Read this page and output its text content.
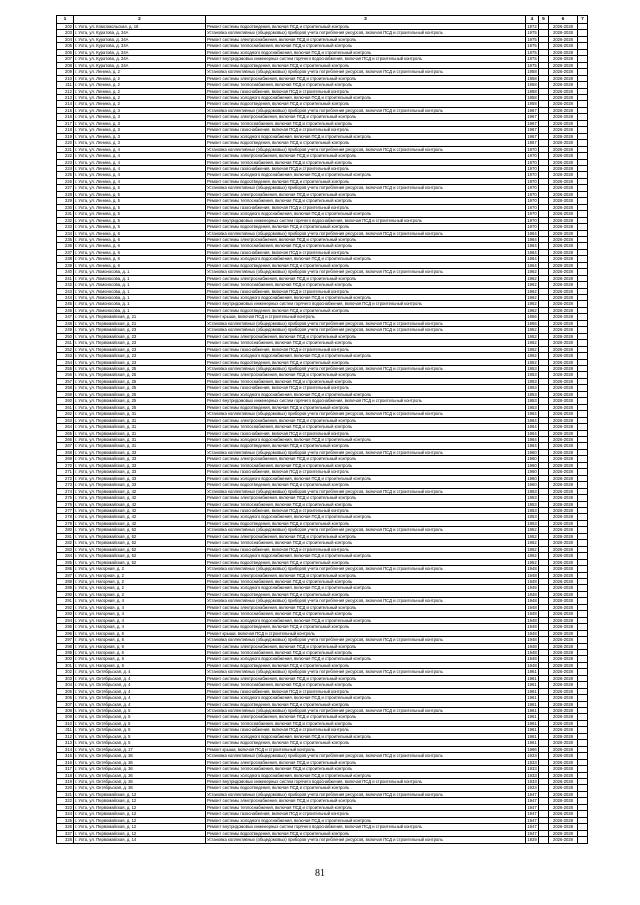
1	2	3	4	5	6	7
202	г. Ухта, ул. Комсомольская, д. 16	Ремонт системы водоотведения, включая ПСД и строительный контроль	1972		2026-2028	
203	г. Ухта, ул. Куратова, д. 34А	Установка коллективных (общедомовых) приборов учета потребления ресурсов, включая ПСД и строительный контроль	1975		2026-2028	
204	г. Ухта, ул. Куратова, д. 34А	Ремонт системы электроснабжения, включая ПСД и строительный контроль	1975		2026-2028	
205	г. Ухта, ул. Куратова, д. 34А	Ремонт системы теплоснабжения, включая ПСД и строительный контроль	1975		2026-2028	
206	г. Ухта, ул. Куратова, д. 34А	Ремонт системы холодного водоснабжения, включая ПСД и строительный контроль	1975		2026-2028	
207	г. Ухта, ул. Куратова, д. 34А	Ремонт внутридомовых инженерных систем горячего водоснабжения, включая ПСД и строительный контроль	1975		2026-2028	
208	г. Ухта, ул. Куратова, д. 34А	Ремонт системы водоотведения, включая ПСД и строительный контроль	1975		2026-2028	
209	г. Ухта, ул. Ленина, д. 2	Установка коллективных (общедомовых) приборов учета потребления ресурсов, включая ПСД и строительный контроль	1958		2026-2028	
210	г. Ухта, ул. Ленина, д. 2	Ремонт системы электроснабжения, включая ПСД и строительный контроль	1958		2026-2028	
211	г. Ухта, ул. Ленина, д. 2	Ремонт системы теплоснабжения, включая ПСД и строительный контроль	1958		2026-2028	
212	г. Ухта, ул. Ленина, д. 2	Ремонт системы газоснабжения, включая ПСД и строительный контроль	1958		2026-2028	
213	г. Ухта, ул. Ленина, д. 2	Ремонт системы холодного водоснабжения, включая ПСД и строительный контроль	1958		2026-2028	
214	г. Ухта, ул. Ленина, д. 2	Ремонт системы водоотведения, включая ПСД и строительный контроль	1958		2026-2028	
215	г. Ухта, ул. Ленина, д. 3	Установка коллективных (общедомовых) приборов учета потребления ресурсов, включая ПСД и строительный контроль	1967		2026-2028	
216	г. Ухта, ул. Ленина, д. 3	Ремонт системы электроснабжения, включая ПСД и строительный контроль	1967		2026-2028	
217	г. Ухта, ул. Ленина, д. 3	Ремонт системы теплоснабжения, включая ПСД и строительный контроль	1967		2026-2028	
218	г. Ухта, ул. Ленина, д. 3	Ремонт системы газоснабжения, включая ПСД и строительный контроль	1967		2026-2028	
219	г. Ухта, ул. Ленина, д. 3	Ремонт системы холодного водоснабжения, включая ПСД и строительный контроль	1967		2026-2028	
220	г. Ухта, ул. Ленина, д. 3	Ремонт системы водоотведения, включая ПСД и строительный контроль	1967		2026-2028	
221	г. Ухта, ул. Ленина, д. 4	Установка коллективных (общедомовых) приборов учета потребления ресурсов, включая ПСД и строительный контроль	1970		2026-2028	
222	г. Ухта, ул. Ленина, д. 4	Ремонт системы электроснабжения, включая ПСД и строительный контроль	1970		2026-2028	
223	г. Ухта, ул. Ленина, д. 4	Ремонт системы теплоснабжения, включая ПСД и строительный контроль	1970		2026-2028	
224	г. Ухта, ул. Ленина, д. 4	Ремонт системы газоснабжения, включая ПСД и строительный контроль	1970		2026-2028	
225	г. Ухта, ул. Ленина, д. 4	Ремонт системы холодного водоснабжения, включая ПСД и строительный контроль	1970		2026-2028	
226	г. Ухта, ул. Ленина, д. 4	Ремонт системы водоотведения, включая ПСД и строительный контроль	1970		2026-2028	
227	г. Ухта, ул. Ленина, д. 5	Установка коллективных (общедомовых) приборов учета потребления ресурсов, включая ПСД и строительный контроль	1970		2026-2028	
228	г. Ухта, ул. Ленина, д. 5	Ремонт системы электроснабжения, включая ПСД и строительный контроль	1970		2026-2028	
229	г. Ухта, ул. Ленина, д. 5	Ремонт системы теплоснабжения, включая ПСД и строительный контроль	1970		2026-2028	
230	г. Ухта, ул. Ленина, д. 5	Ремонт системы газоснабжения, включая ПСД и строительный контроль	1970		2026-2028	
231	г. Ухта, ул. Ленина, д. 5	Ремонт системы холодного водоснабжения, включая ПСД и строительный контроль	1970		2026-2028	
232	г. Ухта, ул. Ленина, д. 5	Ремонт внутридомовых инженерных систем горячего водоснабжения, включая ПСД и строительный контроль	1970		2026-2028	
233	г. Ухта, ул. Ленина, д. 5	Ремонт системы водоотведения, включая ПСД и строительный контроль	1970		2026-2028	
234	г. Ухта, ул. Ленина, д. 6	Установка коллективных (общедомовых) приборов учета потребления ресурсов, включая ПСД и строительный контроль	1964		2026-2028	
235	г. Ухта, ул. Ленина, д. 6	Ремонт системы электроснабжения, включая ПСД и строительный контроль	1964		2026-2028	
236	г. Ухта, ул. Ленина, д. 6	Ремонт системы теплоснабжения, включая ПСД и строительный контроль	1964		2026-2028	
237	г. Ухта, ул. Ленина, д. 6	Ремонт системы газоснабжения, включая ПСД и строительный контроль	1964		2026-2028	
238	г. Ухта, ул. Ленина, д. 6	Ремонт системы холодного водоснабжения, включая ПСД и строительный контроль	1964		2026-2028	
239	г. Ухта, ул. Ленина, д. 6	Ремонт системы водоотведения, включая ПСД и строительный контроль	1964		2026-2028	
240	г. Ухта, ул. Ломоносова, д. 1	Установка коллективных (общедомовых) приборов учета потребления ресурсов, включая ПСД и строительный контроль	1962		2026-2028	
241	г. Ухта, ул. Ломоносова, д. 1	Ремонт системы электроснабжения, включая ПСД и строительный контроль	1962		2026-2028	
242	г. Ухта, ул. Ломоносова, д. 1	Ремонт системы теплоснабжения, включая ПСД и строительный контроль	1962		2026-2028	
243	г. Ухта, ул. Ломоносова, д. 1	Ремонт системы газоснабжения, включая ПСД и строительный контроль	1962		2026-2028	
244	г. Ухта, ул. Ломоносова, д. 1	Ремонт системы холодного водоснабжения, включая ПСД и строительный контроль	1962		2026-2028	
245	г. Ухта, ул. Ломоносова, д. 1	Ремонт внутридомовых инженерных систем горячего водоснабжения, включая ПСД и строительный контроль	1962		2026-2028	
246	г. Ухта, ул. Ломоносова, д. 1	Ремонт системы водоотведения, включая ПСД и строительный контроль	1962		2026-2028	
247	г. Ухта, ул. Первомайская, д. 21	Ремонт крыши, включая ПСД и строительный контроль	1956		2026-2028	
248	г. Ухта, ул. Первомайская, д. 21	Установка коллективных (общедомовых) приборов учета потребления ресурсов, включая ПСД и строительный контроль	1956		2026-2028	
249	г. Ухта, ул. Первомайская, д. 23	Установка коллективных (общедомовых) приборов учета потребления ресурсов, включая ПСД и строительный контроль	1952		2026-2028	
250	г. Ухта, ул. Первомайская, д. 23	Ремонт системы электроснабжения, включая ПСД и строительный контроль	1952		2026-2028	
251	г. Ухта, ул. Первомайская, д. 23	Ремонт системы теплоснабжения, включая ПСД и строительный контроль	1952		2026-2028	
252	г. Ухта, ул. Первомайская, д. 23	Ремонт системы газоснабжения, включая ПСД и строительный контроль	1952		2026-2028	
253	г. Ухта, ул. Первомайская, д. 23	Ремонт системы холодного водоснабжения, включая ПСД и строительный контроль	1952		2026-2028	
254	г. Ухта, ул. Первомайская, д. 23	Ремонт системы водоотведения, включая ПСД и строительный контроль	1952		2026-2028	
255	г. Ухта, ул. Первомайская, д. 25	Установка коллективных (общедомовых) приборов учета потребления ресурсов, включая ПСД и строительный контроль	1953		2026-2028	
256	г. Ухта, ул. Первомайская, д. 25	Ремонт системы электроснабжения, включая ПСД и строительный контроль	1953		2026-2028	
257	г. Ухта, ул. Первомайская, д. 25	Ремонт системы теплоснабжения, включая ПСД и строительный контроль	1953		2026-2028	
258	г. Ухта, ул. Первомайская, д. 25	Ремонт системы газоснабжения, включая ПСД и строительный контроль	1953		2026-2028	
259	г. Ухта, ул. Первомайская, д. 25	Ремонт системы холодного водоснабжения, включая ПСД и строительный контроль	1953		2026-2028	
260	г. Ухта, ул. Первомайская, д. 25	Ремонт внутридомовых инженерных систем горячего водоснабжения, включая ПСД и строительный контроль	1953		2026-2028	
261	г. Ухта, ул. Первомайская, д. 25	Ремонт системы водоотведения, включая ПСД и строительный контроль	1953		2026-2028	
262	г. Ухта, ул. Первомайская, д. 31	Установка коллективных (общедомовых) приборов учета потребления ресурсов, включая ПСД и строительный контроль	1964		2026-2028	
263	г. Ухта, ул. Первомайская, д. 31	Ремонт системы электроснабжения, включая ПСД и строительный контроль	1964		2026-2028	
264	г. Ухта, ул. Первомайская, д. 31	Ремонт системы теплоснабжения, включая ПСД и строительный контроль	1964		2026-2028	
265	г. Ухта, ул. Первомайская, д. 31	Ремонт системы газоснабжения, включая ПСД и строительный контроль	1964		2026-2028	
266	г. Ухта, ул. Первомайская, д. 31	Ремонт системы холодного водоснабжения, включая ПСД и строительный контроль	1964		2026-2028	
267	г. Ухта, ул. Первомайская, д. 31	Ремонт системы водоотведения, включая ПСД и строительный контроль	1964		2026-2028	
268	г. Ухта, ул. Первомайская, д. 33	Установка коллективных (общедомовых) приборов учета потребления ресурсов, включая ПСД и строительный контроль	1960		2026-2028	
269	г. Ухта, ул. Первомайская, д. 33	Ремонт системы электроснабжения, включая ПСД и строительный контроль	1960		2026-2028	
270	г. Ухта, ул. Первомайская, д. 33	Ремонт системы теплоснабжения, включая ПСД и строительный контроль	1960		2026-2028	
271	г. Ухта, ул. Первомайская, д. 33	Ремонт системы газоснабжения, включая ПСД и строительный контроль	1960		2026-2028	
272	г. Ухта, ул. Первомайская, д. 33	Ремонт системы холодного водоснабжения, включая ПСД и строительный контроль	1960		2026-2028	
273	г. Ухта, ул. Первомайская, д. 33	Ремонт системы водоотведения, включая ПСД и строительный контроль	1960		2026-2028	
274	г. Ухта, ул. Первомайская, д. 42	Установка коллективных (общедомовых) приборов учета потребления ресурсов, включая ПСД и строительный контроль	1953		2026-2028	
275	г. Ухта, ул. Первомайская, д. 42	Ремонт системы электроснабжения, включая ПСД и строительный контроль	1953		2026-2028	
276	г. Ухта, ул. Первомайская, д. 42	Ремонт системы теплоснабжения, включая ПСД и строительный контроль	1953		2026-2028	
277	г. Ухта, ул. Первомайская, д. 42	Ремонт системы газоснабжения, включая ПСД и строительный контроль	1953		2026-2028	
278	г. Ухта, ул. Первомайская, д. 42	Ремонт системы холодного водоснабжения, включая ПСД и строительный контроль	1953		2026-2028	
279	г. Ухта, ул. Первомайская, д. 42	Ремонт системы водоотведения, включая ПСД и строительный контроль	1953		2026-2028	
280	г. Ухта, ул. Первомайская, д. 52	Установка коллективных (общедомовых) приборов учета потребления ресурсов, включая ПСД и строительный контроль	1952		2026-2028	
281	г. Ухта, ул. Первомайская, д. 52	Ремонт системы электроснабжения, включая ПСД и строительный контроль	1952		2026-2028	
282	г. Ухта, ул. Первомайская, д. 52	Ремонт системы теплоснабжения, включая ПСД и строительный контроль	1952		2026-2028	
283	г. Ухта, ул. Первомайская, д. 52	Ремонт системы газоснабжения, включая ПСД и строительный контроль	1952		2026-2028	
284	г. Ухта, ул. Первомайская, д. 52	Ремонт системы холодного водоснабжения, включая ПСД и строительный контроль	1952		2026-2028	
285	г. Ухта, ул. Первомайская, д. 52	Ремонт системы водоотведения, включая ПСД и строительный контроль	1952		2026-2028	
286	г. Ухта, ул. Нагорная, д. 2	Установка коллективных (общедомовых) приборов учета потребления ресурсов, включая ПСД и строительный контроль	1948		2026-2028	
287	г. Ухта, ул. Нагорная, д. 2	Ремонт системы электроснабжения, включая ПСД и строительный контроль	1948		2026-2028	
288	г. Ухта, ул. Нагорная, д. 2	Ремонт системы теплоснабжения, включая ПСД и строительный контроль	1948		2026-2028	
289	г. Ухта, ул. Нагорная, д. 2	Ремонт системы холодного водоснабжения, включая ПСД и строительный контроль	1948		2026-2028	
290	г. Ухта, ул. Нагорная, д. 2	Ремонт системы водоотведения, включая ПСД и строительный контроль	1948		2026-2028	
291	г. Ухта, ул. Нагорная, д. 4	Установка коллективных (общедомовых) приборов учета потребления ресурсов, включая ПСД и строительный контроль	1948		2026-2028	
292	г. Ухта, ул. Нагорная, д. 4	Ремонт системы электроснабжения, включая ПСД и строительный контроль	1948		2026-2028	
293	г. Ухта, ул. Нагорная, д. 4	Ремонт системы теплоснабжения, включая ПСД и строительный контроль	1948		2026-2028	
294	г. Ухта, ул. Нагорная, д. 4	Ремонт системы холодного водоснабжения, включая ПСД и строительный контроль	1948		2026-2028	
295	г. Ухта, ул. Нагорная, д. 4	Ремонт системы водоотведения, включая ПСД и строительный контроль	1948		2026-2028	
296	г. Ухта, ул. Нагорная, д. 6	Ремонт крыши, включая ПСД и строительный контроль	1948		2026-2028	
297	г. Ухта, ул. Нагорная, д. 6	Установка коллективных (общедомовых) приборов учета потребления ресурсов, включая ПСД и строительный контроль	1948		2026-2028	
298	г. Ухта, ул. Нагорная, д. 6	Ремонт системы электроснабжения, включая ПСД и строительный контроль	1948		2026-2028	
299	г. Ухта, ул. Нагорная, д. 6	Ремонт системы теплоснабжения, включая ПСД и строительный контроль	1948		2026-2028	
300	г. Ухта, ул. Нагорная, д. 6	Ремонт системы холодного водоснабжения, включая ПСД и строительный контроль	1948		2026-2028	
301	г. Ухта, ул. Нагорная, д. 6	Ремонт системы водоотведения, включая ПСД и строительный контроль	1948		2026-2028	
302	г. Ухта, ул. Октябрьская, д. 4	Установка коллективных (общедомовых) приборов учета потребления ресурсов, включая ПСД и строительный контроль	1961		2026-2028	
303	г. Ухта, ул. Октябрьская, д. 4	Ремонт системы электроснабжения, включая ПСД и строительный контроль	1961		2026-2028	
304	г. Ухта, ул. Октябрьская, д. 4	Ремонт системы теплоснабжения, включая ПСД и строительный контроль	1961		2026-2028	
305	г. Ухта, ул. Октябрьская, д. 4	Ремонт системы газоснабжения, включая ПСД и строительный контроль	1961		2026-2028	
306	г. Ухта, ул. Октябрьская, д. 4	Ремонт системы холодного водоснабжения, включая ПСД и строительный контроль	1961		2026-2028	
307	г. Ухта, ул. Октябрьская, д. 4	Ремонт системы водоотведения, включая ПСД и строительный контроль	1961		2026-2028	
308	г. Ухта, ул. Октябрьская, д. 5	Установка коллективных (общедомовых) приборов учета потребления ресурсов, включая ПСД и строительный контроль	1961		2026-2028	
309	г. Ухта, ул. Октябрьская, д. 5	Ремонт системы электроснабжения, включая ПСД и строительный контроль	1961		2026-2028	
310	г. Ухта, ул. Октябрьская, д. 5	Ремонт системы теплоснабжения, включая ПСД и строительный контроль	1961		2026-2028	
311	г. Ухта, ул. Октябрьская, д. 5	Ремонт системы газоснабжения, включая ПСД и строительный контроль	1961		2026-2028	
312	г. Ухта, ул. Октябрьская, д. 5	Ремонт системы холодного водоснабжения, включая ПСД и строительный контроль	1961		2026-2028	
313	г. Ухта, ул. Октябрьская, д. 5	Ремонт системы водоотведения, включая ПСД и строительный контроль	1961		2026-2028	
314	г. Ухта, ул. Октябрьская, д. 17	Ремонт крыши, включая ПСД и строительный контроль	1966		2026-2028	
315	г. Ухта, ул. Октябрьская, д. 36	Установка коллективных (общедомовых) приборов учета потребления ресурсов, включая ПСД и строительный контроль	1933		2026-2028	
316	г. Ухта, ул. Октябрьская, д. 36	Ремонт системы электроснабжения, включая ПСД и строительный контроль	1933		2026-2028	
317	г. Ухта, ул. Октябрьская, д. 36	Ремонт системы теплоснабжения, включая ПСД и строительный контроль	1933		2026-2028	
318	г. Ухта, ул. Октябрьская, д. 36	Ремонт системы холодного водоснабжения, включая ПСД и строительный контроль	1933		2026-2028	
319	г. Ухта, ул. Октябрьская, д. 36	Ремонт внутридомовых инженерных систем горячего водоснабжения, включая ПСД и строительный контроль	1933		2026-2028	
320	г. Ухта, ул. Октябрьская, д. 36	Ремонт системы водоотведения, включая ПСД и строительный контроль	1933		2026-2028	
321	г. Ухта, ул. Первомайская, д. 12	Установка коллективных (общедомовых) приборов учета потребления ресурсов, включая ПСД и строительный контроль	1947		2026-2028	
322	г. Ухта, ул. Первомайская, д. 12	Ремонт системы электроснабжения, включая ПСД и строительный контроль	1947		2026-2028	
323	г. Ухта, ул. Первомайская, д. 12	Ремонт системы теплоснабжения, включая ПСД и строительный контроль	1947		2026-2028	
324	г. Ухта, ул. Первомайская, д. 12	Ремонт системы газоснабжения, включая ПСД и строительный контроль	1947		2026-2028	
325	г. Ухта, ул. Первомайская, д. 12	Ремонт системы холодного водоснабжения, включая ПСД и строительный контроль	1947		2026-2028	
326	г. Ухта, ул. Первомайская, д. 12	Ремонт внутридомовых инженерных систем горячего водоснабжения, включая ПСД и строительный контроль	1947		2026-2028	
327	г. Ухта, ул. Первомайская, д. 12	Ремонт системы водоотведения, включая ПСД и строительный контроль	1947		2026-2028	
328	г. Ухта, ул. Первомайская, д. 14	Установка коллективных (общедомовых) приборов учета потребления ресурсов, включая ПСД и строительный контроль	1929		2026-2028	
81
